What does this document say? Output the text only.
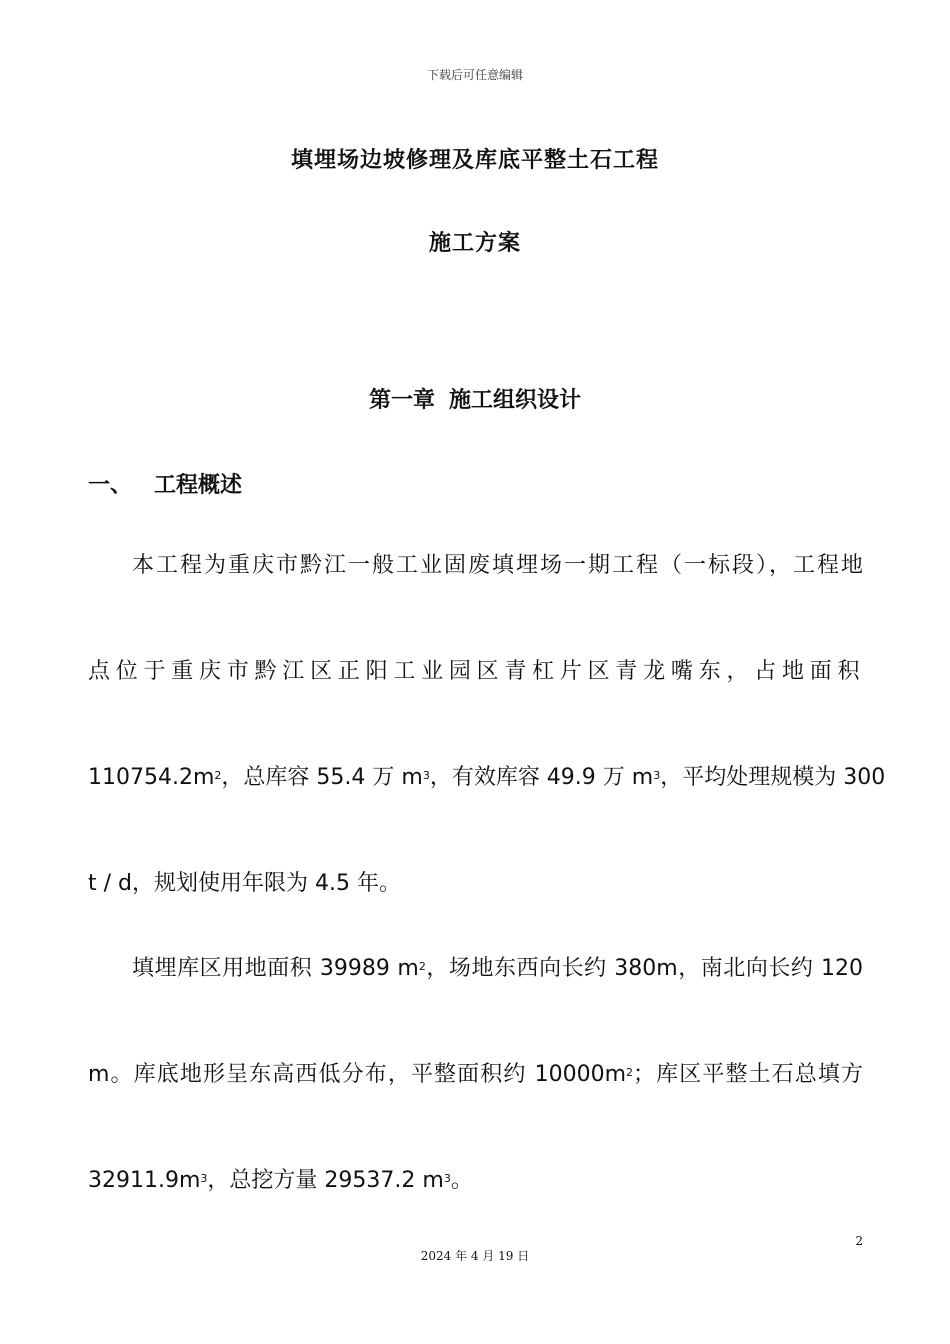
下载后可任意编辑
填埋场边坡修理及库底平整土石工程
施工方案
第一章 施工组织设计
一、 工程概述
本工程为重庆市黔江一般工业固废填埋场一期工程（一标段），工程地
点位于重庆市黔江区正阳工业园区青杠片区青龙嘴东，占地面积
$110754.2m^2$，总库容 55.4 万 $m^3$，有效库容 49.9 万 $m^3$，平均处理规模为 300
t / d，规划使用年限为 4.5 年。
填埋库区用地面积 39989 $m^2$，场地东西向长约 380m，南北向长约 120
m。库底地形呈东高西低分布，平整面积约 $10000m^2$；库区平整土石总填方
$32911.9m^3$，总挖方量 29537.2 $m^3$。
2
2024 年 4 月 19 日
